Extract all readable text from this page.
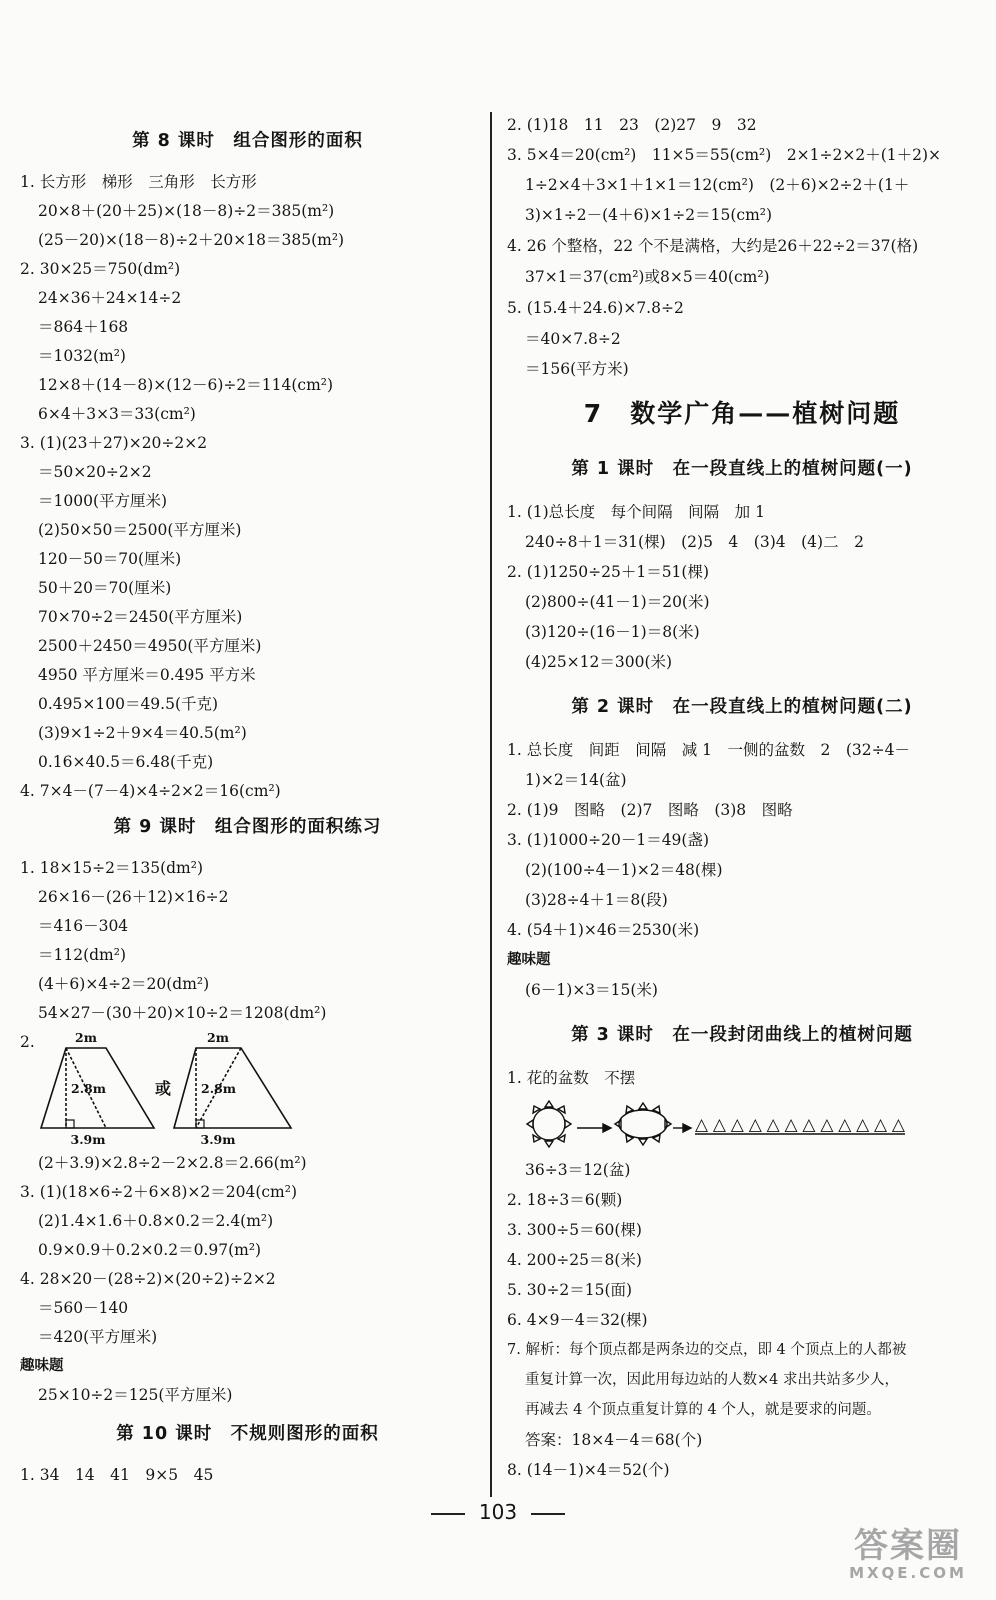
第 8 课时　组合图形的面积
1. 长方形　梯形　三角形　长方形
20×8＋(20＋25)×(18－8)÷2＝385(m²)
(25－20)×(18－8)÷2＋20×18＝385(m²)
2. 30×25＝750(dm²)
24×36＋24×14÷2
＝864＋168
＝1032(m²)
12×8＋(14－8)×(12－6)÷2＝114(cm²)
6×4＋3×3＝33(cm²)
3. (1)(23＋27)×20÷2×2
＝50×20÷2×2
＝1000(平方厘米)
(2)50×50＝2500(平方厘米)
120－50＝70(厘米)
50＋20＝70(厘米)
70×70÷2＝2450(平方厘米)
2500＋2450＝4950(平方厘米)
4950 平方厘米＝0.495 平方米
0.495×100＝49.5(千克)
(3)9×1÷2＋9×4＝40.5(m²)
0.16×40.5＝6.48(千克)
4. 7×4－(7－4)×4÷2×2＝16(cm²)
第 9 课时　组合图形的面积练习
1. 18×15÷2＝135(dm²)
26×16－(26＋12)×16÷2
＝416－304
＝112(dm²)
(4＋6)×4÷2＝20(dm²)
54×27－(30＋20)×10÷2＝1208(dm²)
2.	2m
2.8m
3.9m
2m
2.8m
3.9m
或
(2＋3.9)×2.8÷2－2×2.8＝2.66(m²)
3. (1)(18×6÷2＋6×8)×2＝204(cm²)
(2)1.4×1.6＋0.8×0.2＝2.4(m²)
0.9×0.9＋0.2×0.2＝0.97(m²)
4. 28×20－(28÷2)×(20÷2)÷2×2
＝560－140
＝420(平方厘米)
趣味题
25×10÷2＝125(平方厘米)
第 10 课时　不规则图形的面积
1. 34　14　41　9×5　45
2. (1)18　11　23　(2)27　9　32
3. 5×4＝20(cm²)　11×5＝55(cm²)　2×1÷2×2＋(1＋2)×
1÷2×4＋3×1＋1×1＝12(cm²)　(2＋6)×2÷2＋(1＋
3)×1÷2－(4＋6)×1÷2＝15(cm²)
4. 26 个整格，22 个不是满格，大约是26＋22÷2＝37(格)
37×1＝37(cm²)或8×5＝40(cm²)
5. (15.4＋24.6)×7.8÷2
＝40×7.8÷2
＝156(平方米)
7　数学广角——植树问题
第 1 课时　在一段直线上的植树问题(一)
1. (1)总长度　每个间隔　间隔　加 1
240÷8＋1＝31(棵)　(2)5　4　(3)4　(4)二　2
2. (1)1250÷25＋1＝51(棵)
(2)800÷(41－1)＝20(米)
(3)120÷(16－1)＝8(米)
(4)25×12＝300(米)
第 2 课时　在一段直线上的植树问题(二)
1. 总长度　间距　间隔　减 1　一侧的盆数　2　(32÷4－
1)×2＝14(盆)
2. (1)9　图略　(2)7　图略　(3)8　图略
3. (1)1000÷20－1＝49(盏)
(2)(100÷4－1)×2＝48(棵)
(3)28÷4＋1＝8(段)
4. (54＋1)×46＝2530(米)
趣味题
(6－1)×3＝15(米)
第 3 课时　在一段封闭曲线上的植树问题
1. 花的盆数　不摆
△△△△△△△△△△△△
36÷3＝12(盆)
2. 18÷3＝6(颗)
3. 300÷5＝60(棵)
4. 200÷25＝8(米)
5. 30÷2＝15(面)
6. 4×9－4＝32(棵)
7. 解析：每个顶点都是两条边的交点，即 4 个顶点上的人都被
重复计算一次，因此用每边站的人数×4 求出共站多少人，
再减去 4 个顶点重复计算的 4 个人，就是要求的问题。
答案：18×4－4＝68(个)
8. (14－1)×4＝52(个)
103
答案圈
MXQE.COM
